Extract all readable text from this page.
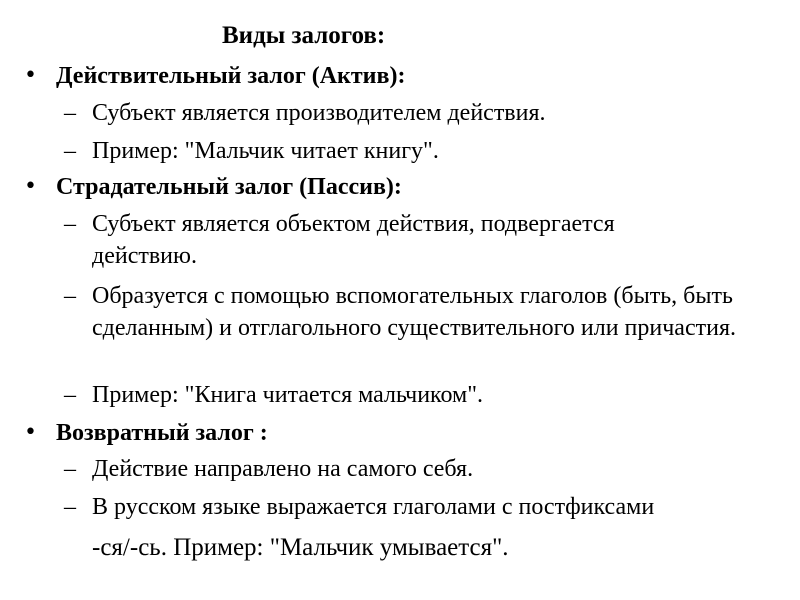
Виды залогов:
• Действительный залог (Актив):
– Субъект является производителем действия.
– Пример: "Мальчик читает книгу".
• Страдательный залог (Пассив):
– Субъект является объектом действия, подвергается действию.
– Образуется с помощью вспомогательных глаголов (быть, быть сделанным) и отглагольного существительного или причастия.
– Пример: "Книга читается мальчиком".
• Возвратный залог :
– Действие направлено на самого себя.
– В русском языке выражается глаголами с постфиксами
-ся/-сь. Пример: "Мальчик умывается".
